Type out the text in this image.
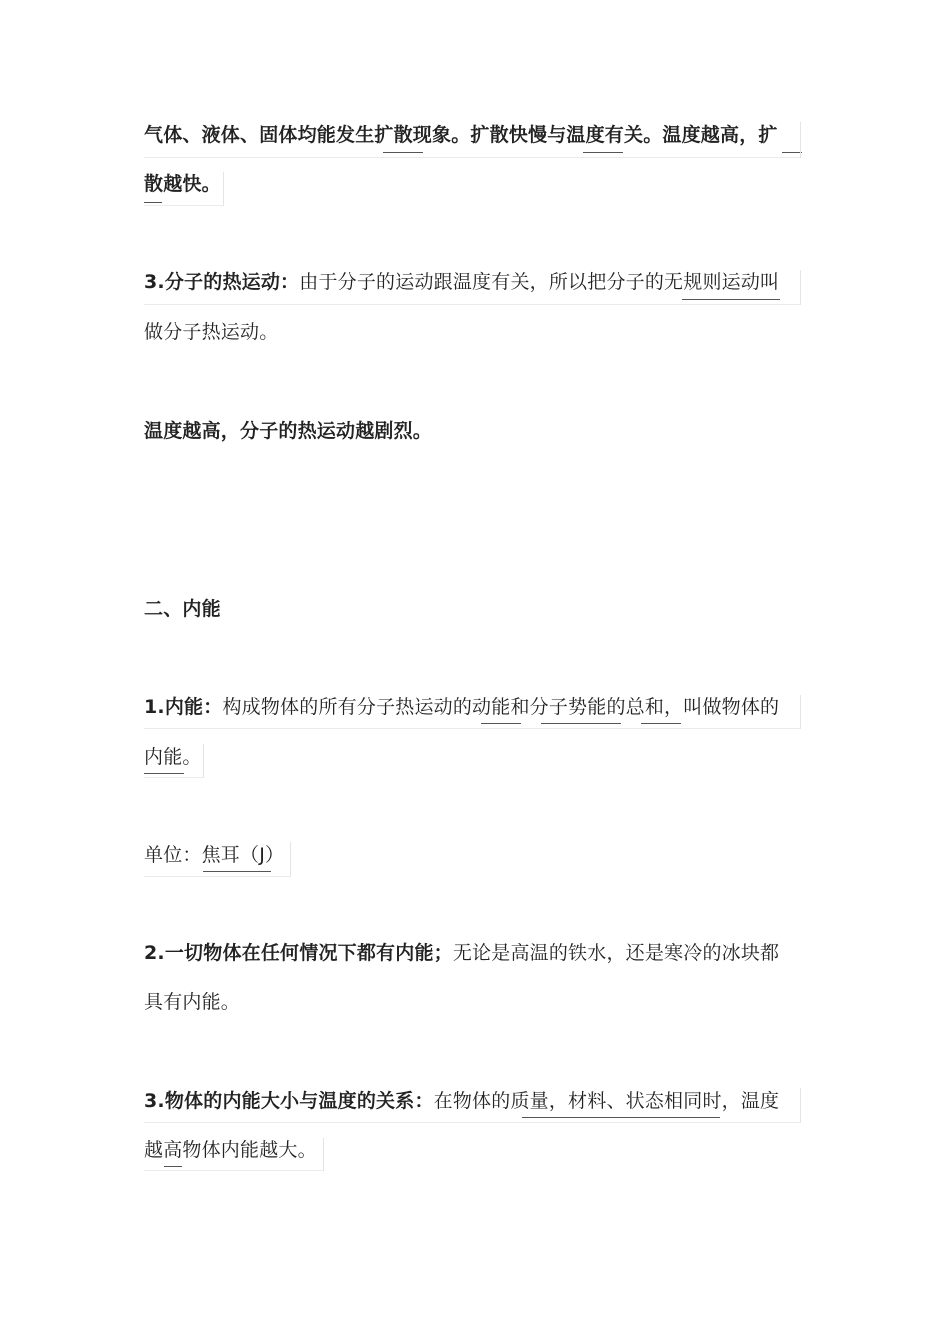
气体、液体、固体均能发生扩散现象。扩散快慢与温度有关。温度越高，扩
散越快。
3.分子的热运动：由于分子的运动跟温度有关，所以把分子的无规则运动叫
做分子热运动。
温度越高，分子的热运动越剧烈。
二、内能
1.内能：构成物体的所有分子热运动的动能和分子势能的总和，叫做物体的
内能。
单位：焦耳（J）
2.一切物体在任何情况下都有内能；无论是高温的铁水，还是寒冷的冰块都
具有内能。
3.物体的内能大小与温度的关系：在物体的质量，材料、状态相同时，温度
越高物体内能越大。
